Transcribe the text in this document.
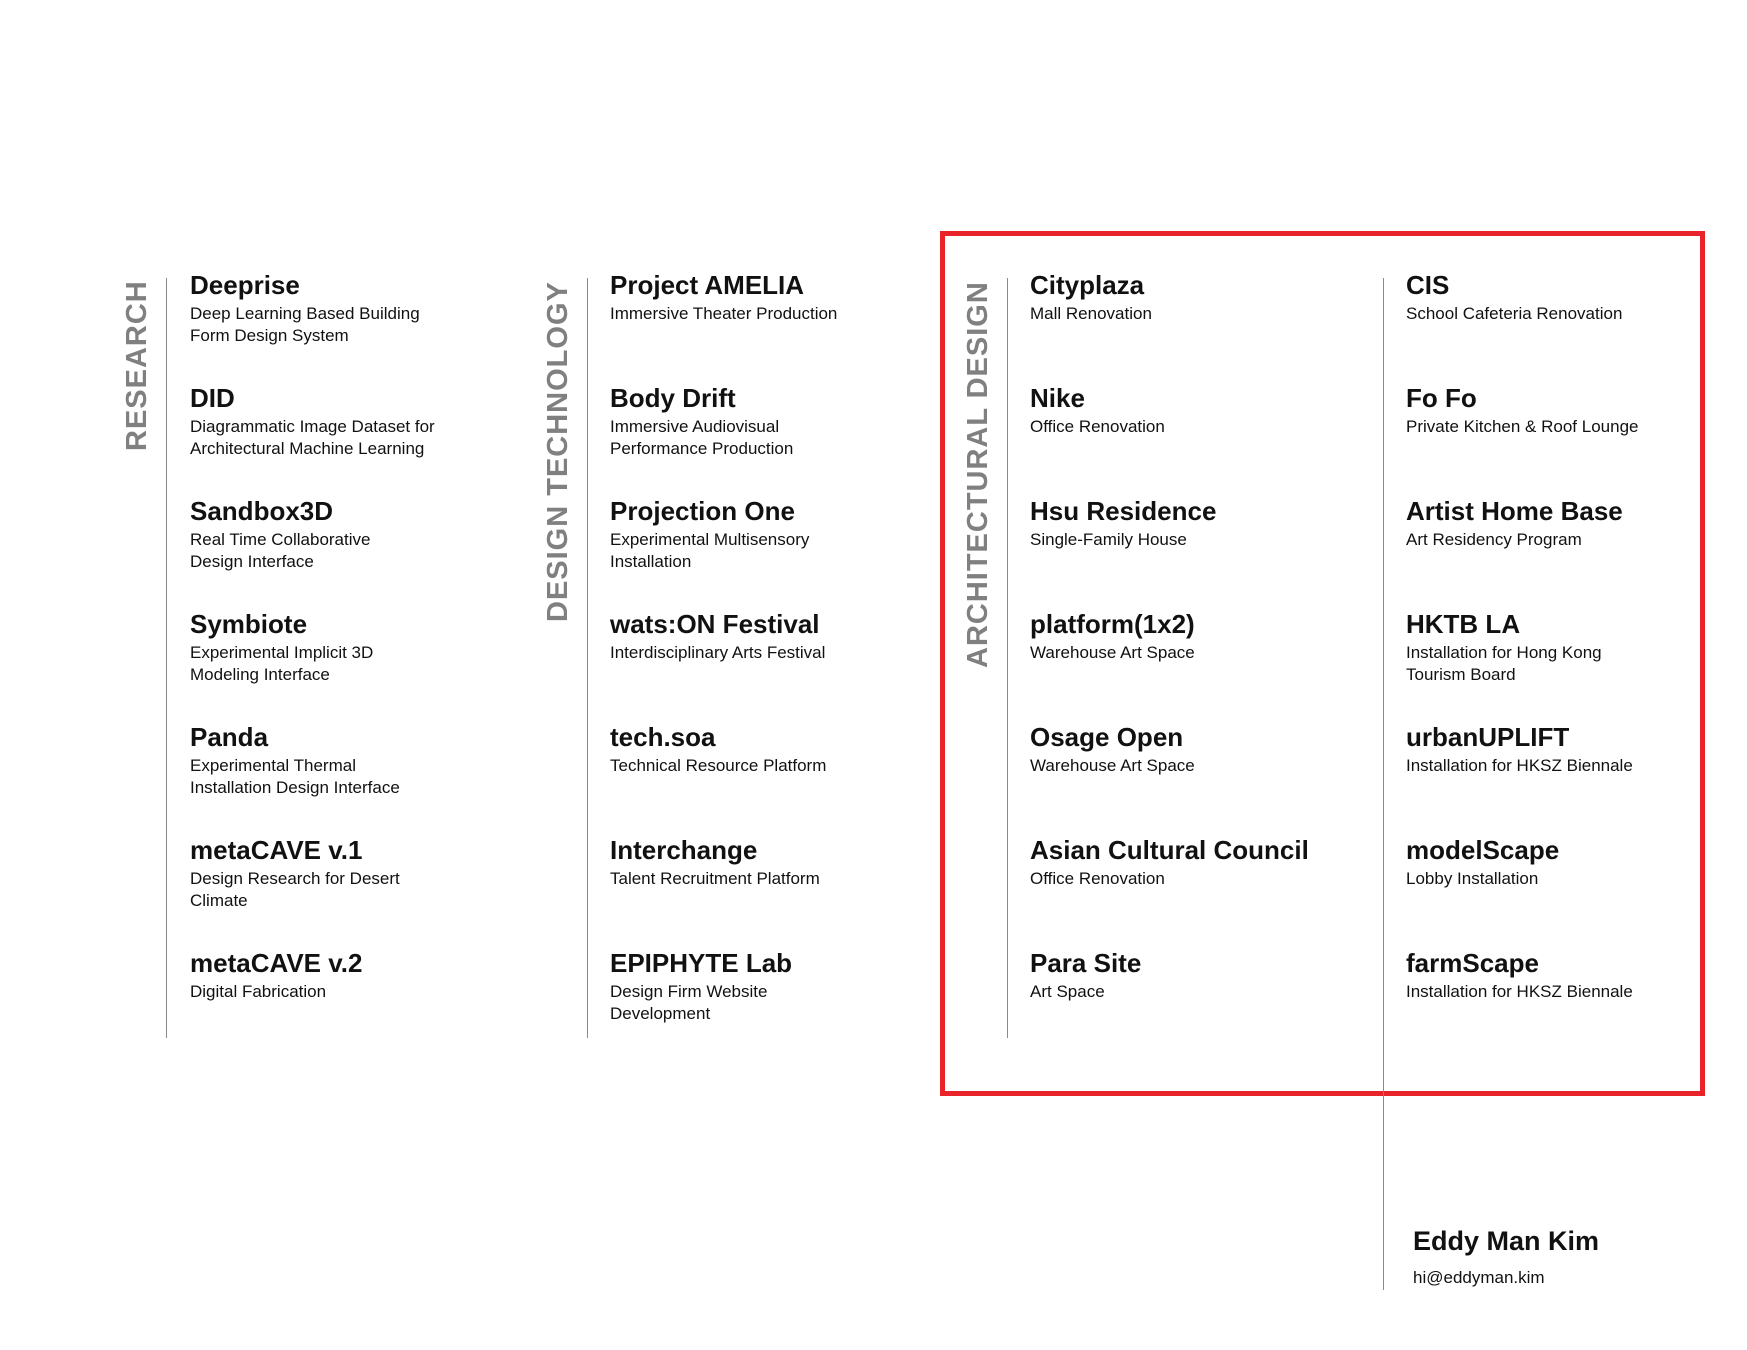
RESEARCH	DESIGN TECHNOLOGY	ARCHITECTURAL DESIGN
Deeprise
Deep Learning Based Building
Form Design System
DID
Diagrammatic Image Dataset for
Architectural Machine Learning
Sandbox3D
Real Time Collaborative
Design Interface
Symbiote
Experimental Implicit 3D
Modeling Interface
Panda
Experimental Thermal
Installation Design Interface
metaCAVE v.1
Design Research for Desert
Climate
metaCAVE v.2
Digital Fabrication
Project AMELIA
Immersive Theater Production
Body Drift
Immersive Audiovisual
Performance Production
Projection One
Experimental Multisensory
Installation
wats:ON Festival
Interdisciplinary Arts Festival
tech.soa
Technical Resource Platform
Interchange
Talent Recruitment Platform
EPIPHYTE Lab
Design Firm Website
Development
Cityplaza
Mall Renovation
Nike
Office Renovation
Hsu Residence
Single-Family House
platform(1x2)
Warehouse Art Space
Osage Open
Warehouse Art Space
Asian Cultural Council
Office Renovation
Para Site
Art Space
CIS
School Cafeteria Renovation
Fo Fo
Private Kitchen & Roof Lounge
Artist Home Base
Art Residency Program
HKTB LA
Installation for Hong Kong
Tourism Board
urbanUPLIFT
Installation for HKSZ Biennale
modelScape
Lobby Installation
farmScape
Installation for HKSZ Biennale
Eddy Man Kim
hi@eddyman.kim
